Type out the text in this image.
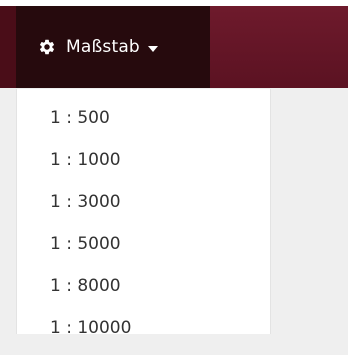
Maßstab
1 : 500
1 : 1000
1 : 3000
1 : 5000
1 : 8000
1 : 10000
